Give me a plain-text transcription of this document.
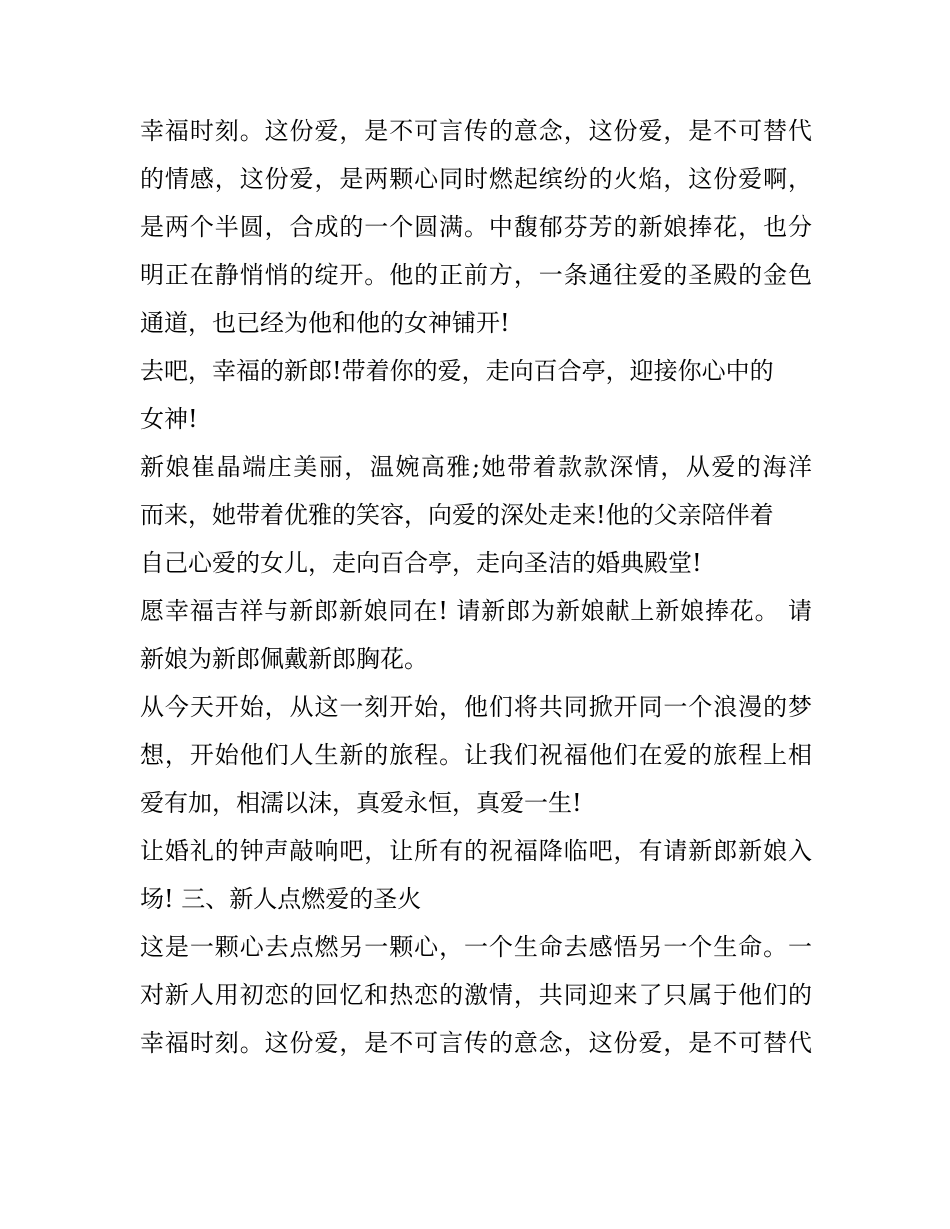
幸福时刻。这份爱，是不可言传的意念，这份爱，是不可替代
的情感，这份爱，是两颗心同时燃起缤纷的火焰，这份爱啊，
是两个半圆，合成的一个圆满。中馥郁芬芳的新娘捧花，也分
明正在静悄悄的绽开。他的正前方，一条通往爱的圣殿的金色
通道，也已经为他和他的女神铺开!
去吧，幸福的新郎!带着你的爱，走向百合亭，迎接你心中的
女神!
新娘崔晶端庄美丽，温婉高雅;她带着款款深情，从爱的海洋
而来，她带着优雅的笑容，向爱的深处走来!他的父亲陪伴着
自己心爱的女儿，走向百合亭，走向圣洁的婚典殿堂!
愿幸福吉祥与新郎新娘同在! 请新郎为新娘献上新娘捧花。 请
新娘为新郎佩戴新郎胸花。
从今天开始，从这一刻开始，他们将共同掀开同一个浪漫的梦
想，开始他们人生新的旅程。让我们祝福他们在爱的旅程上相
爱有加，相濡以沫，真爱永恒，真爱一生!
让婚礼的钟声敲响吧，让所有的祝福降临吧，有请新郎新娘入
场! 三、新人点燃爱的圣火
这是一颗心去点燃另一颗心，一个生命去感悟另一个生命。一
对新人用初恋的回忆和热恋的激情，共同迎来了只属于他们的
幸福时刻。这份爱，是不可言传的意念，这份爱，是不可替代
